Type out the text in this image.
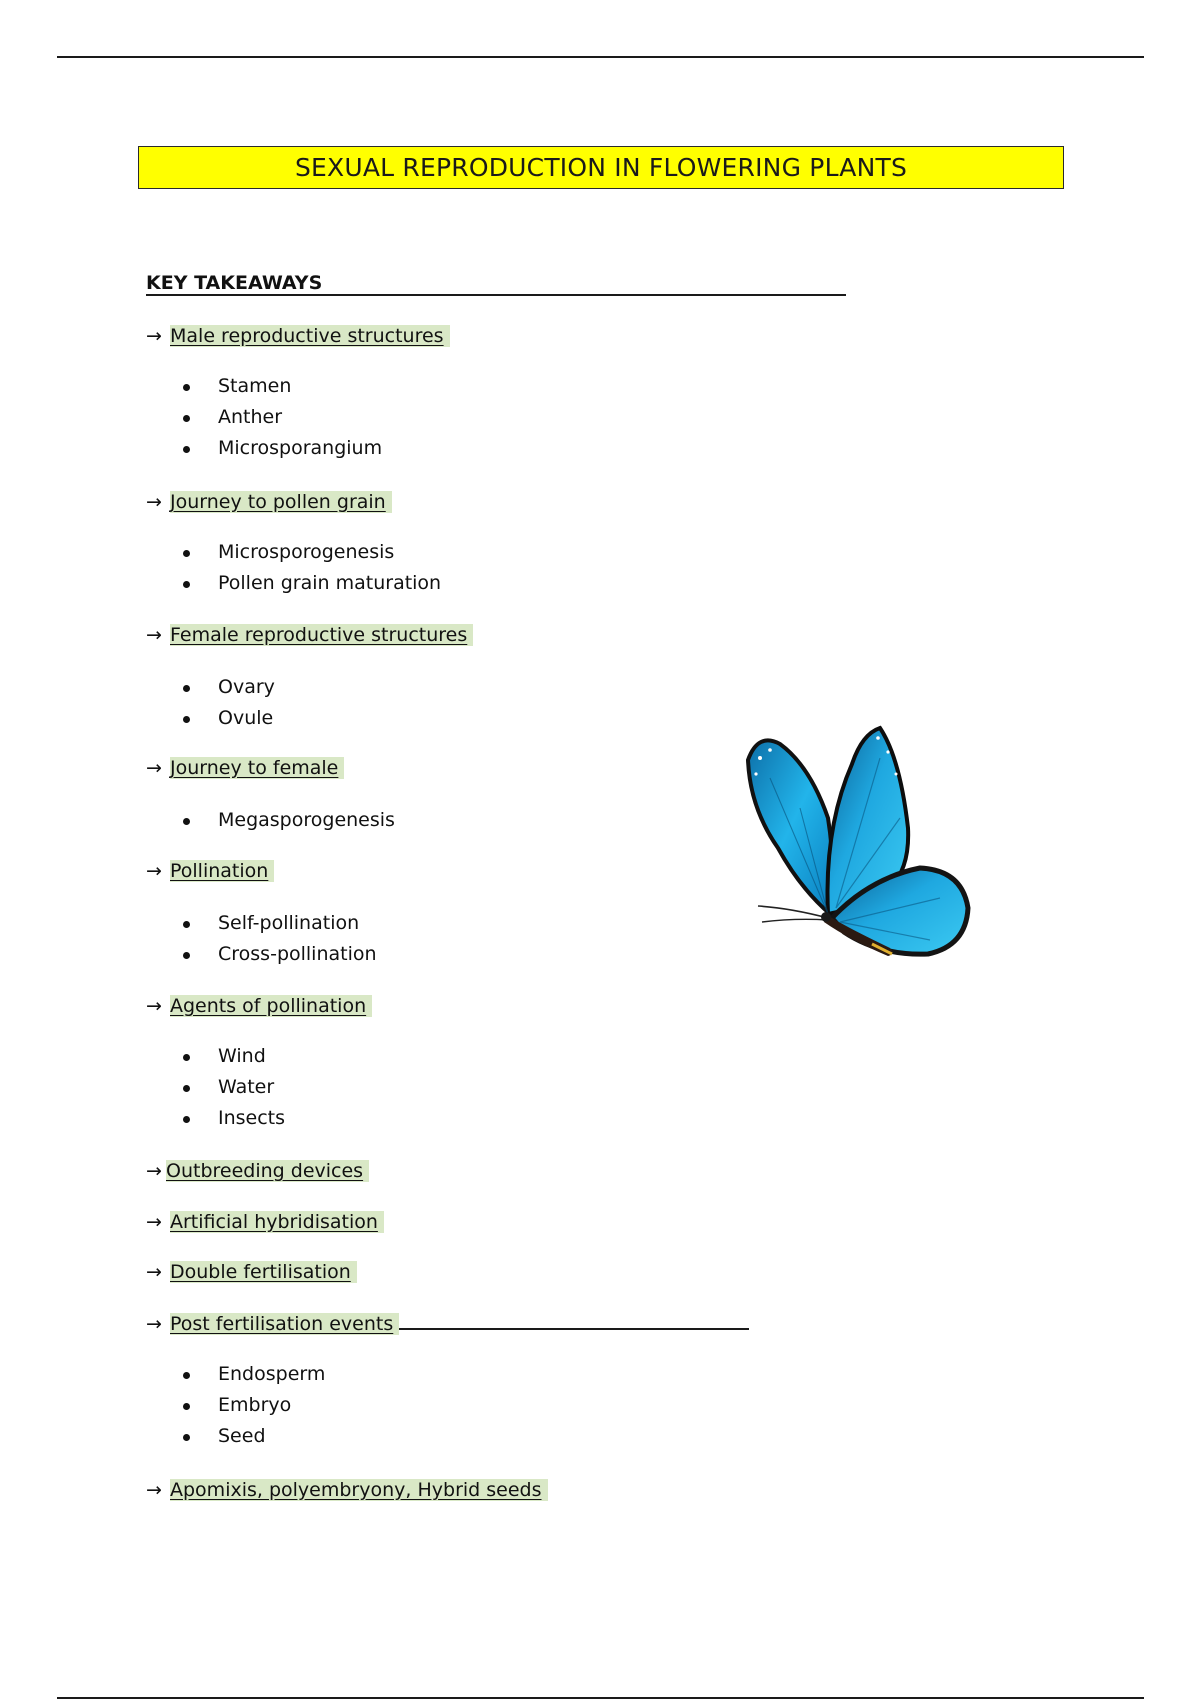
SEXUAL REPRODUCTION IN FLOWERING PLANTS
KEY TAKEAWAYS
→ Male reproductive structures
Stamen
Anther
Microsporangium
→ Journey to pollen grain
Microsporogenesis
Pollen grain maturation
→ Female reproductive structures
Ovary
Ovule
→ Journey to female
Megasporogenesis
→ Pollination
Self-pollination
Cross-pollination
→ Agents of pollination
Wind
Water
Insects
→ Outbreeding devices
→ Artificial hybridisation
→ Double fertilisation
→ Post fertilisation events
Endosperm
Embryo
Seed
→ Apomixis, polyembryony, Hybrid seeds
